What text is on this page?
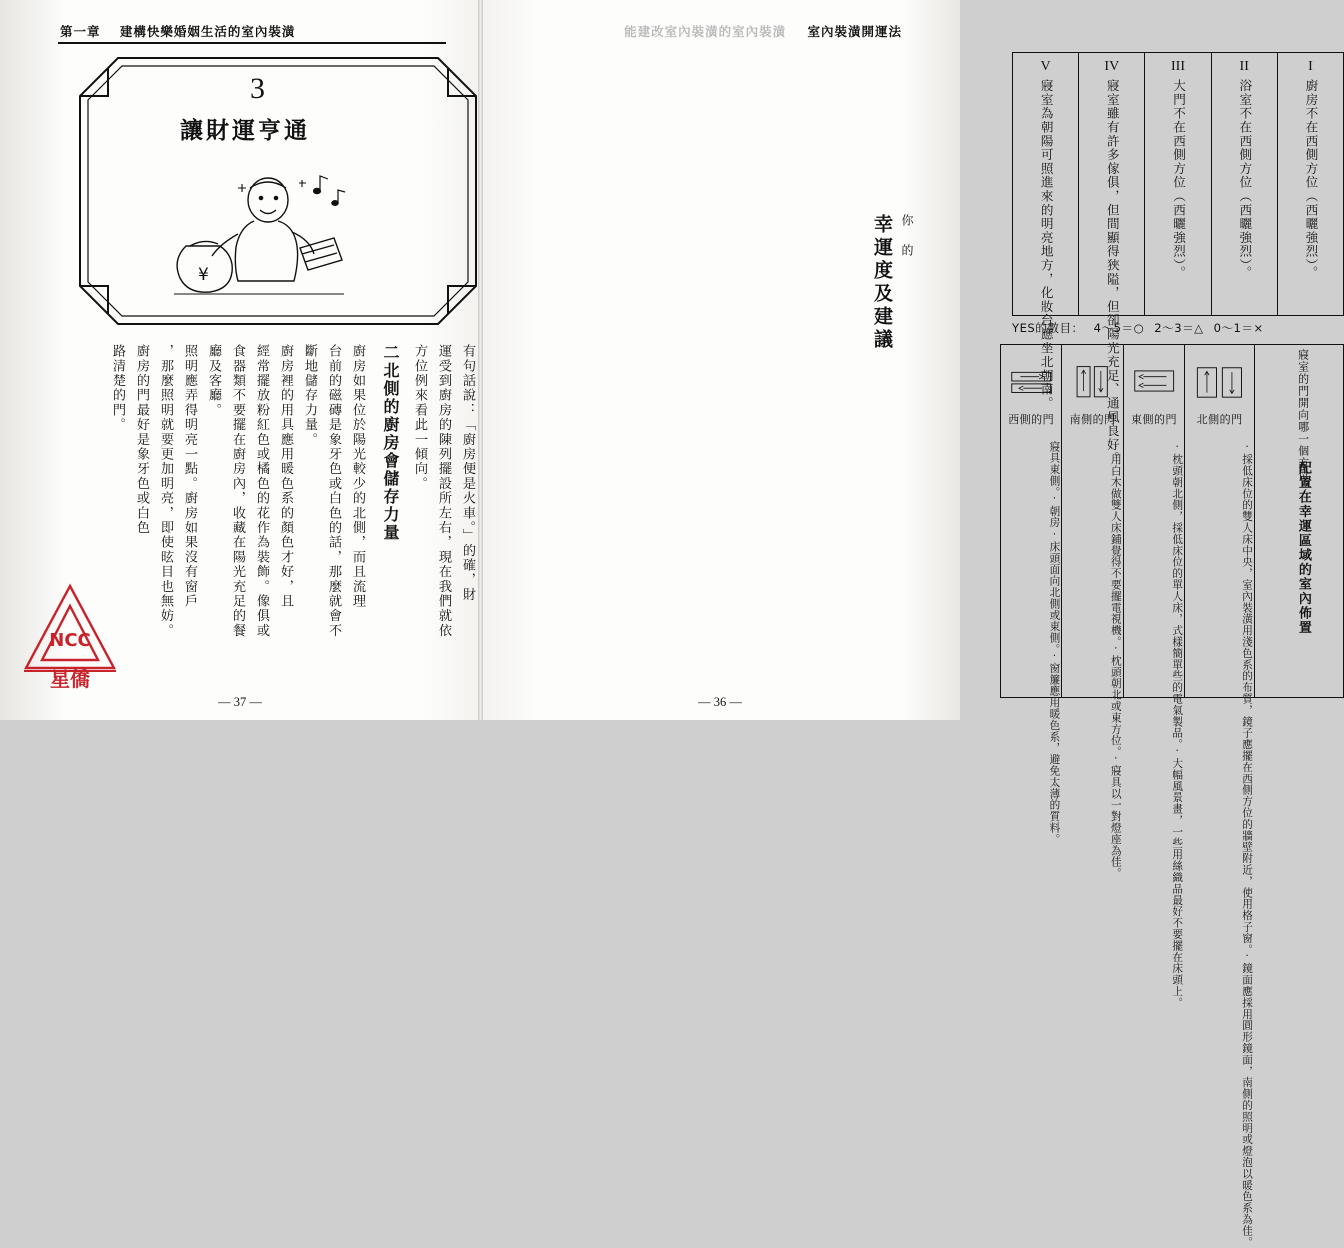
第一章 建構快樂婚姻生活的室內裝潢
3
讓財運亨通
¥
有句話說：「廚房便是火車。」的確，財
運受到廚房的陳列擺設所左右，現在我們就依
方位例來看此一傾向。
二北側的廚房會儲存力量
廚房如果位於陽光較少的北側，而且流理
台前的磁磚是象牙色或白色的話，那麼就會不
斷地儲存力量。
廚房裡的用具應用暖色系的顏色才好，且
經常擺放粉紅色或橘色的花作為裝飾。像俱或
食器類不要擺在廚房內，收藏在陽光充足的餐
廳及客廳。
照明應弄得明亮一點。廚房如果沒有窗戶
，那麼照明就要更加明亮，即使昡目也無妨。
廚房的門最好是象牙色或白色
路清楚的門。
NCC
星僑
— 37 —
能建改室內裝潢的室內裝潢 室內裝潢開運法

你 的
幸運度及建議

V
寢室為朝陽可照進來的明亮地方，化妝台應坐北朝南。
IV
寢室雖有許多傢俱，但間顯得狹隘，但卻陽光充足、通風良好。
III
大門不在西側方位（西曬強烈）。
II
浴室不在西側方位（西曬強烈）。
I
廚房不在西側方位（西曬強烈）。
YES的數目： 4～5＝○ 2～3＝△ 0～1＝×
西側的門
寢具東側。‧朝房‧床頭面向北側或東側。‧窗簾應用暖色系，避免太薄的質料。
南側的門
‧用白木做雙人床鋪覺得不要擺電視機。‧枕頭朝北或東方位。‧寢具以一對燈座為佳。
東側的門
‧枕頭朝北側，採低床位的單人床，式樣簡單些的電氣製品。‧大幅風景畫，一些用絲織品最好不要擺在床頭上。
北側的門
‧採低床位的雙人床中央，室內裝潢用淺色系的布質，鏡子應擺在西側方位的牆壁附近，使用格子窗。‧鏡面應採用圓形鏡面，南側的照明或燈泡以暖色系為佳。
寢室的門開向哪一個方位？
配置在幸運區域的室內佈置
— 36 —
